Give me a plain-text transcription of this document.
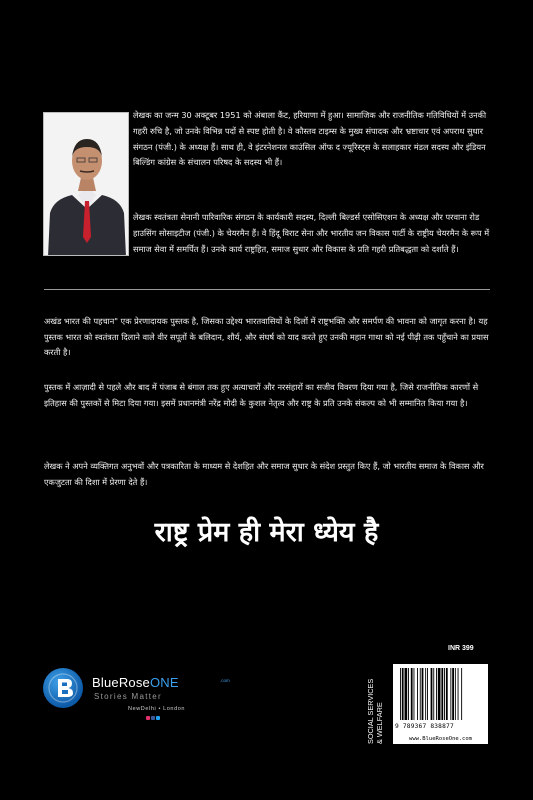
लेखक का जन्म 30 अक्टूबर 1951 को अंबाला कैंट, हरियाणा में हुआ। सामाजिक और राजनीतिक गतिविधियों में उनकी गहरी रुचि है, जो उनके विभिन्न पदों से स्पष्ट होती है। वे कौस्तव टाइम्स के मुख्य संपादक और भ्रष्टाचार एवं अपराध सुधार संगठन (पंजी.) के अध्यक्ष हैं। साथ ही, वे इंटरनेशनल काउंसिल ऑफ द ज्यूरिस्ट्स के सलाहकार मंडल सदस्य और इंडियन बिल्डिंग कांग्रेस के संचालन परिषद के सदस्य भी हैं।

लेखक स्वतंत्रता सेनानी पारिवारिक संगठन के कार्यकारी सदस्य, दिल्ली बिल्डर्स एसोसिएशन के अध्यक्ष और परवाना रोड हाउसिंग सोसाइटीज (पंजी.) के चेयरमैन हैं। वे हिंदू विराट सेना और भारतीय जन विकास पार्टी के राष्ट्रीय चेयरमैन के रूप में समाज सेवा में समर्पित हैं। उनके कार्य राष्ट्रहित, समाज सुधार और विकास के प्रति गहरी प्रतिबद्धता को दर्शाते हैं।

अखंड भारत की पहचान" एक प्रेरणादायक पुस्तक है, जिसका उद्देश्य भारतवासियों के दिलों में राष्ट्रभक्ति और समर्पण की भावना को जागृत करना है। यह पुस्तक भारत को स्वतंत्रता दिलाने वाले वीर सपूतों के बलिदान, शौर्य, और संघर्ष को याद करते हुए उनकी महान गाथा को नई पीढ़ी तक पहुँचाने का प्रयास करती है।

पुस्तक में आज़ादी से पहले और बाद में पंजाब से बंगाल तक हुए अत्याचारों और नरसंहारों का सजीव विवरण दिया गया है, जिसे राजनीतिक कारणों से इतिहास की पुस्तकों से मिटा दिया गया। इसमें प्रधानमंत्री नरेंद्र मोदी के कुशल नेतृत्व और राष्ट्र के प्रति उनके संकल्प को भी सम्मानित किया गया है।

लेखक ने अपने व्यक्तिगत अनुभवों और पत्रकारिता के माध्यम से देशहित और समाज सुधार के संदेश प्रस्तुत किए हैं, जो भारतीय समाज के विकास और एकजुटता की दिशा में प्रेरणा देते हैं।

राष्ट्र प्रेम ही मेरा ध्येय है
BlueRoseONE	.com
Stories Matter
NewDelhi • London
INR 399
SOCIAL SERVICES & WELFARE 9 789367 838877
www.BlueRoseOne.com
